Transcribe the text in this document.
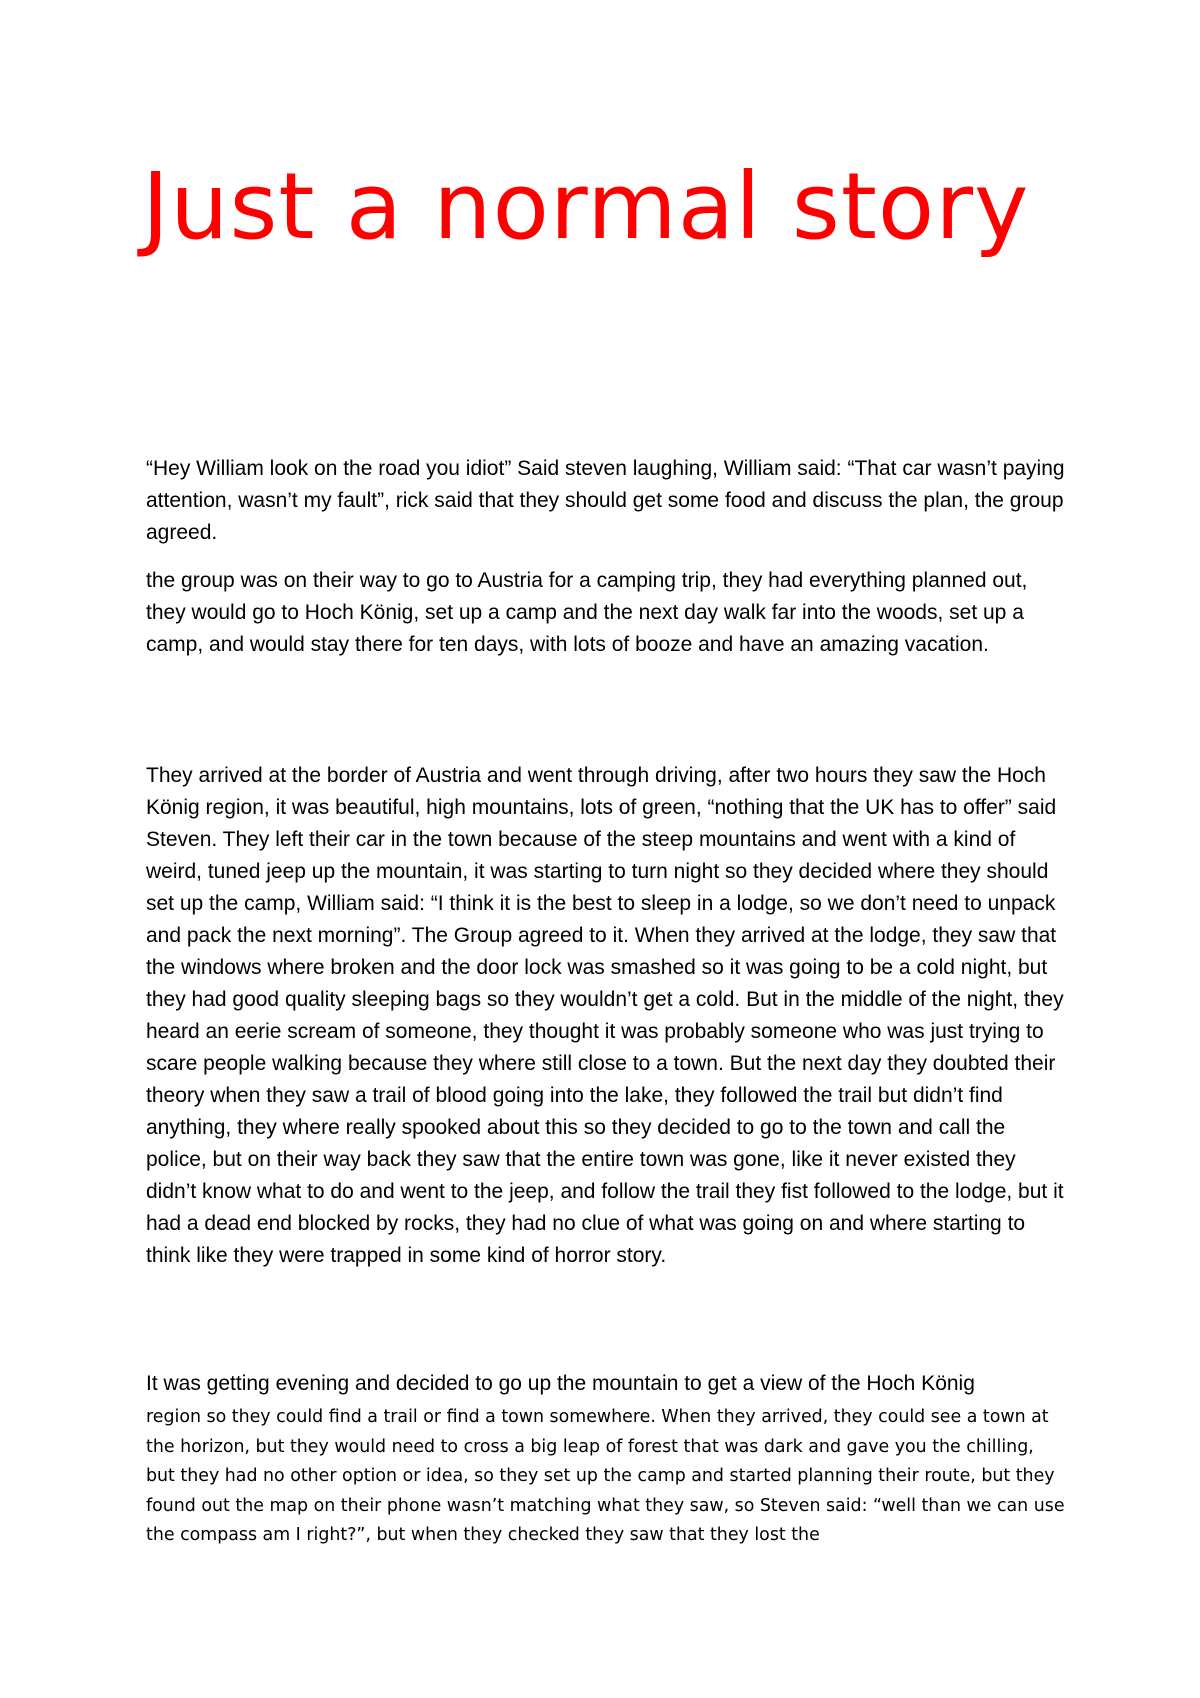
Just a normal story

“Hey William look on the road you idiot” Said steven laughing, William said: “That car wasn’t paying attention, wasn’t my fault”, rick said that they should get some food and discuss the plan, the group agreed.

the group was on their way to go to Austria for a camping trip, they had everything planned out, they would go to Hoch König, set up a camp and the next day walk far into the woods, set up a camp, and would stay there for ten days, with lots of booze and have an amazing vacation.

They arrived at the border of Austria and went through driving, after two hours they saw the Hoch König region, it was beautiful, high mountains, lots of green, “nothing that the UK has to offer” said Steven. They left their car in the town because of the steep mountains and went with a kind of weird, tuned jeep up the mountain, it was starting to turn night so they decided where they should set up the camp, William said: “I think it is the best to sleep in a lodge, so we don’t need to unpack and pack the next morning”. The Group agreed to it. When they arrived at the lodge, they saw that the windows where broken and the door lock was smashed so it was going to be a cold night, but they had good quality sleeping bags so they wouldn’t get a cold. But in the middle of the night, they heard an eerie scream of someone, they thought it was probably someone who was just trying to scare people walking because they where still close to a town. But the next day they doubted their theory when they saw a trail of blood going into the lake, they followed the trail but didn’t find anything, they where really spooked about this so they decided to go to the town and call the police, but on their way back they saw that the entire town was gone, like it never existed they didn’t know what to do and went to the jeep, and follow the trail they fist followed to the lodge, but it had a dead end blocked by rocks, they had no clue of what was going on and where starting to think like they were trapped in some kind of horror story.

It was getting evening and decided to go up the mountain to get a view of the Hoch König

region so they could find a trail or find a town somewhere. When they arrived, they could see a town at the horizon, but they would need to cross a big leap of forest that was dark and gave you the chilling, but they had no other option or idea, so they set up the camp and started planning their route, but they found out the map on their phone wasn’t matching what they saw, so Steven said: “well than we can use the compass am I right?”, but when they checked they saw that they lost the
